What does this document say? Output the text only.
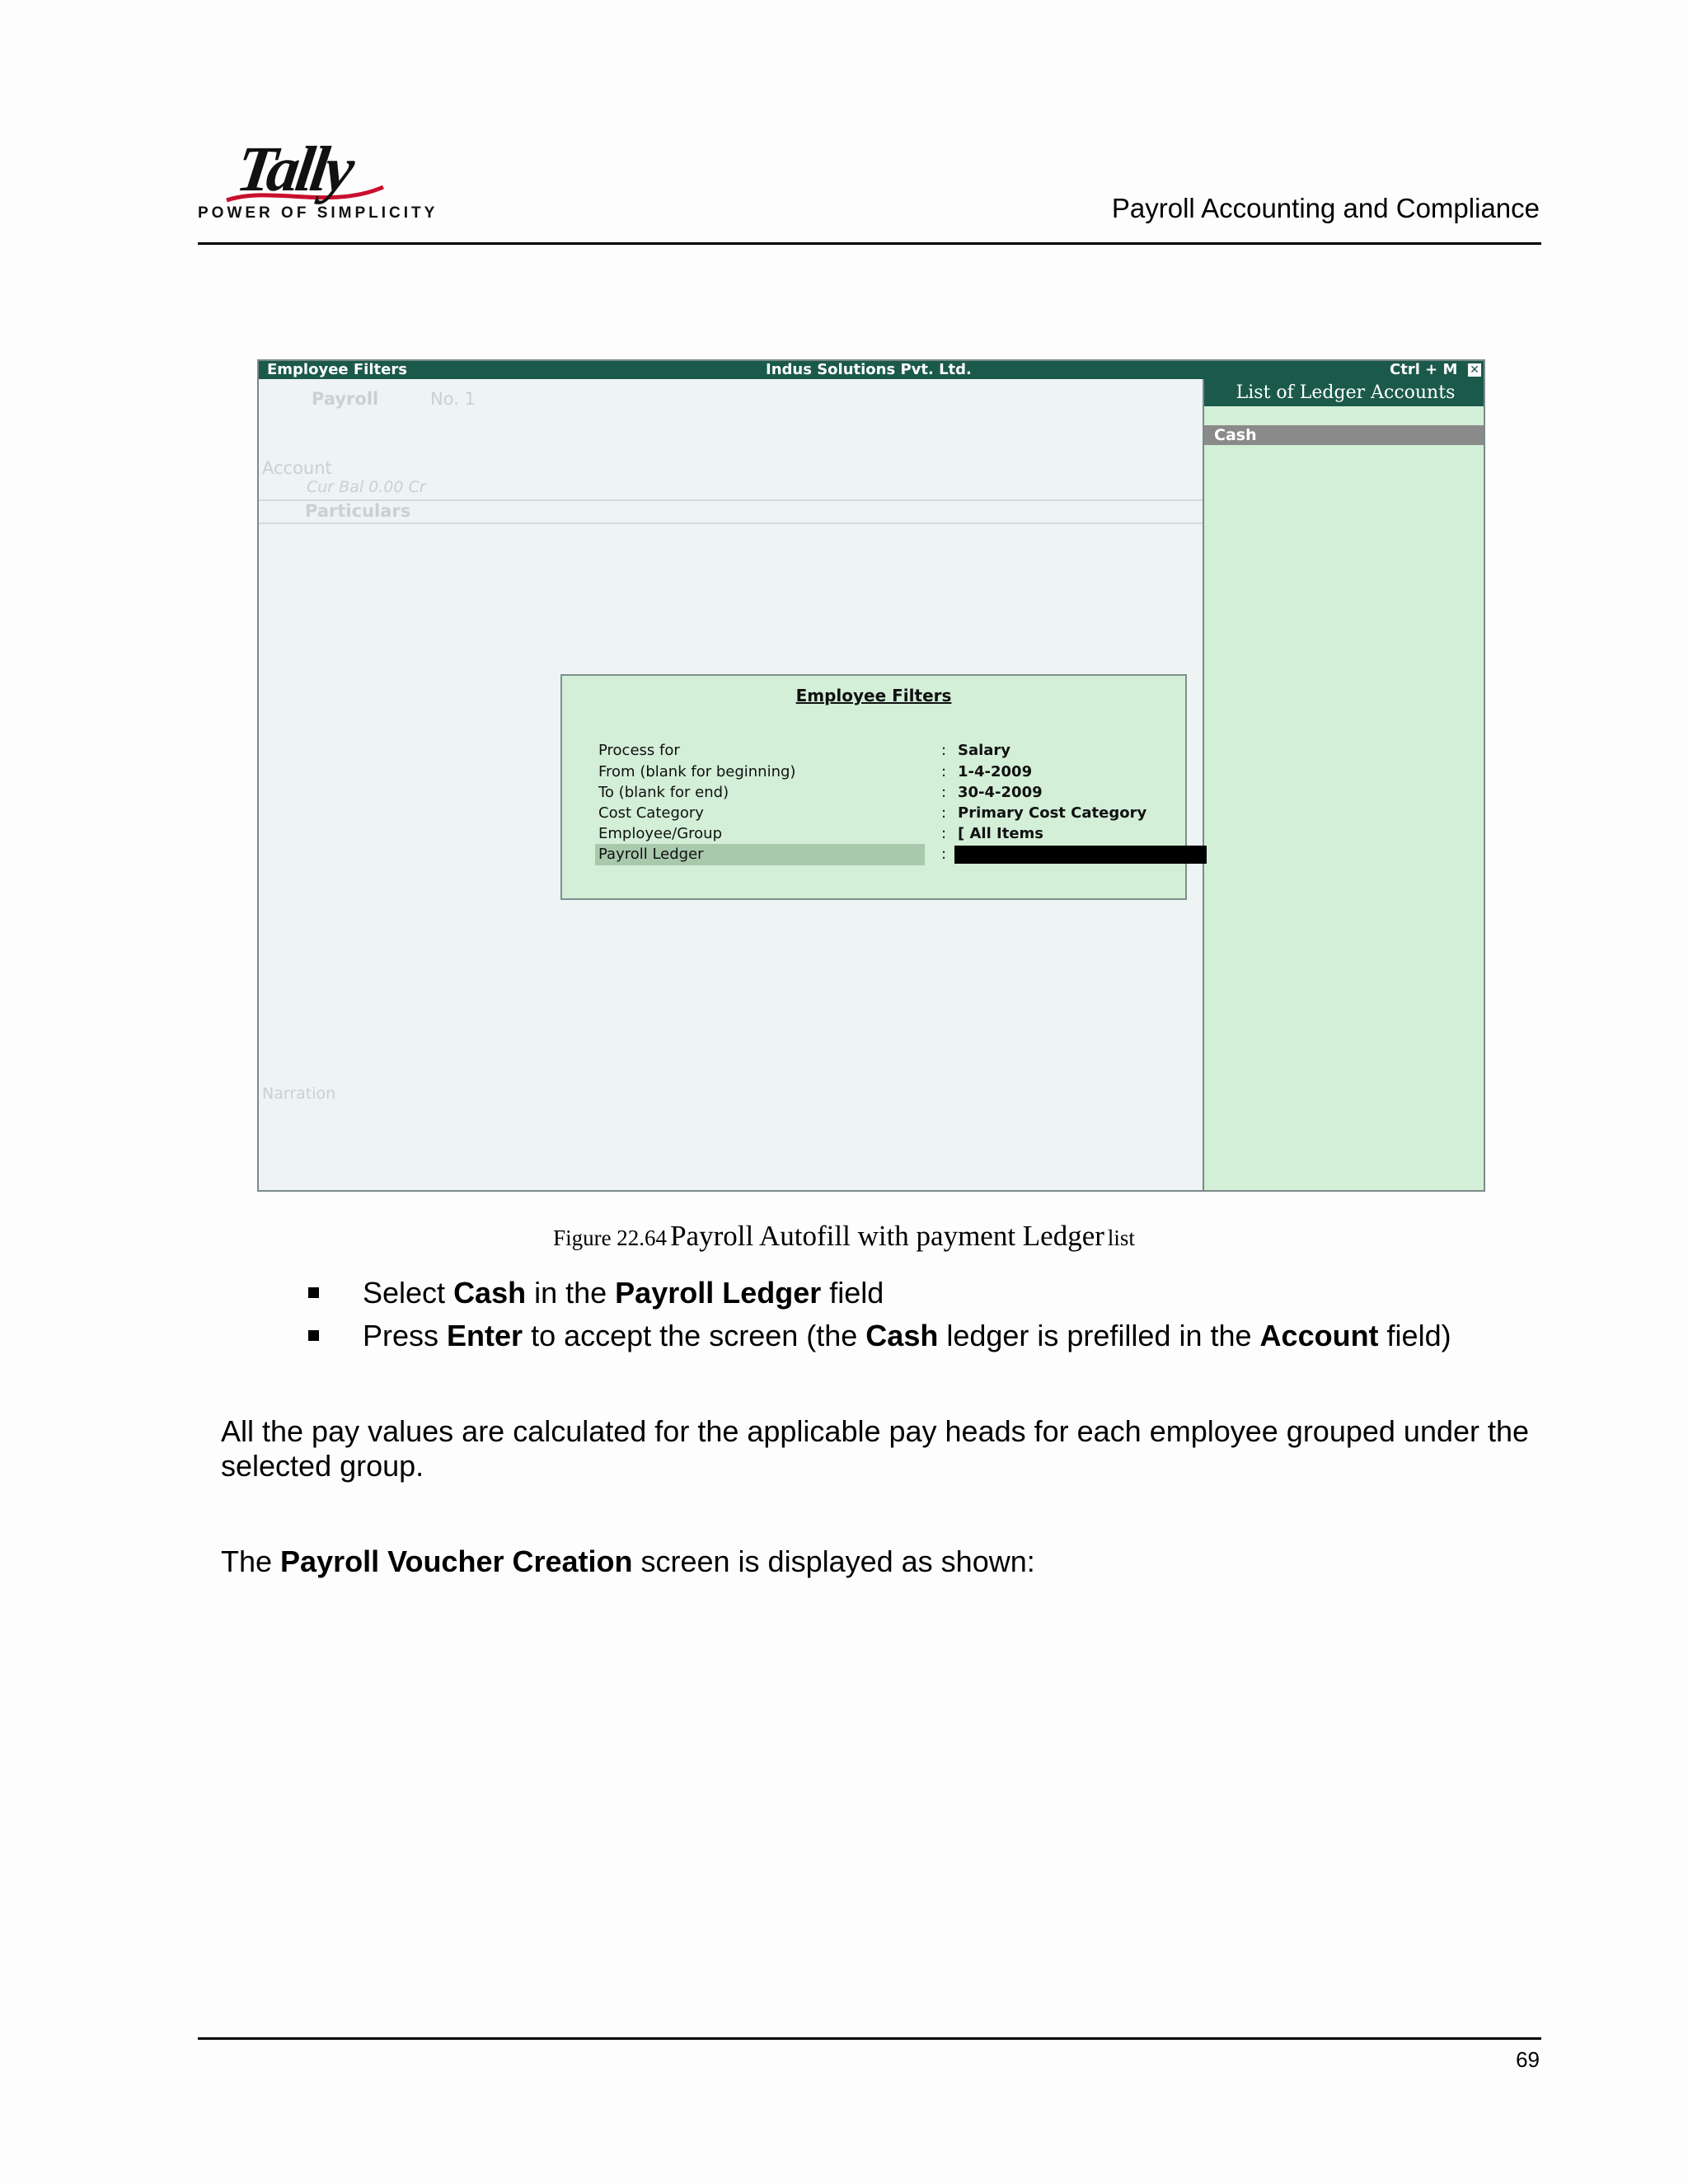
Tally
POWER OF SIMPLICITY	Payroll Accounting and Compliance
Employee Filters	Indus Solutions Pvt. Ltd.	Ctrl + M ✕
Payroll	No. 1
Account
Cur Bal 0.00 Cr
Particulars
Narration
List of Ledger Accounts
Cash
Employee Filters
Process for	: Salary
From (blank for beginning)	: 1-4-2009
To (blank for end)	: 30-4-2009
Cost Category	: Primary Cost Category
Employee/Group	: [ All Items
Payroll Ledger	:
Figure 22.64 Payroll Autofill with payment Ledger list
Select Cash in the Payroll Ledger field
Press Enter to accept the screen (the Cash ledger is prefilled in the Account field)
All the pay values are calculated for the applicable pay heads for each employee grouped under the selected group.
The Payroll Voucher Creation screen is displayed as shown:
69
